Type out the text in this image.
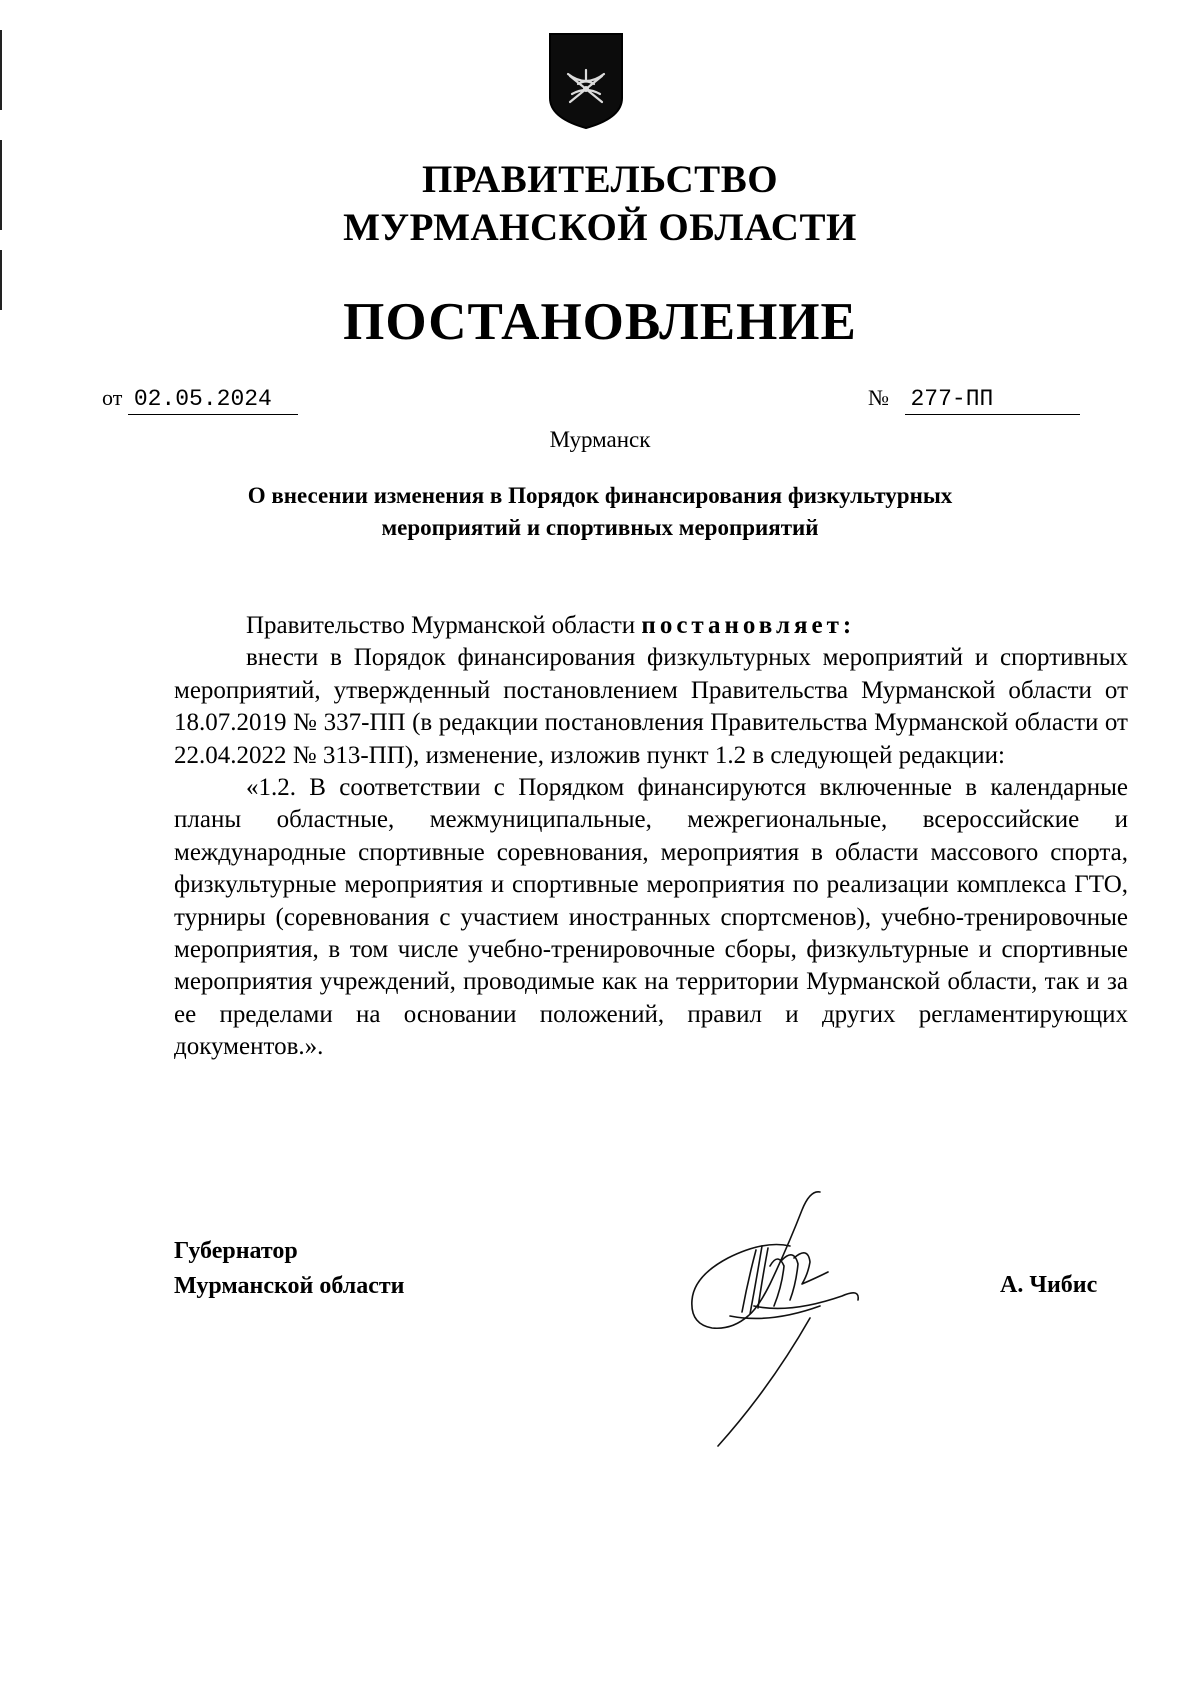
ПРАВИТЕЛЬСТВО
МУРМАНСКОЙ ОБЛАСТИ
ПОСТАНОВЛЕНИЕ
от 02.05.2024	№ 277-ПП
Мурманск
О внесении изменения в Порядок финансирования физкультурных
мероприятий и спортивных мероприятий

Правительство Мурманской области постановляет:

внести в Порядок финансирования физкультурных мероприятий и спортивных мероприятий, утвержденный постановлением Правительства Мурманской области от 18.07.2019 № 337-ПП (в редакции постановления Правительства Мурманской области от 22.04.2022 № 313-ПП), изменение, изложив пункт 1.2 в следующей редакции:

«1.2. В соответствии с Порядком финансируются включенные в календарные планы областные, межмуниципальные, межрегиональные, всероссийские и международные спортивные соревнования, мероприятия в области массового спорта, физкультурные мероприятия и спортивные мероприятия по реализации комплекса ГТО, турниры (соревнования с участием иностранных спортсменов), учебно-тренировочные мероприятия, в том числе учебно-тренировочные сборы, физкультурные и спортивные мероприятия учреждений, проводимые как на территории Мурманской области, так и за ее пределами на основании положений, правил и других регламентирующих документов.».

Губернатор
Мурманской области	А. Чибис
